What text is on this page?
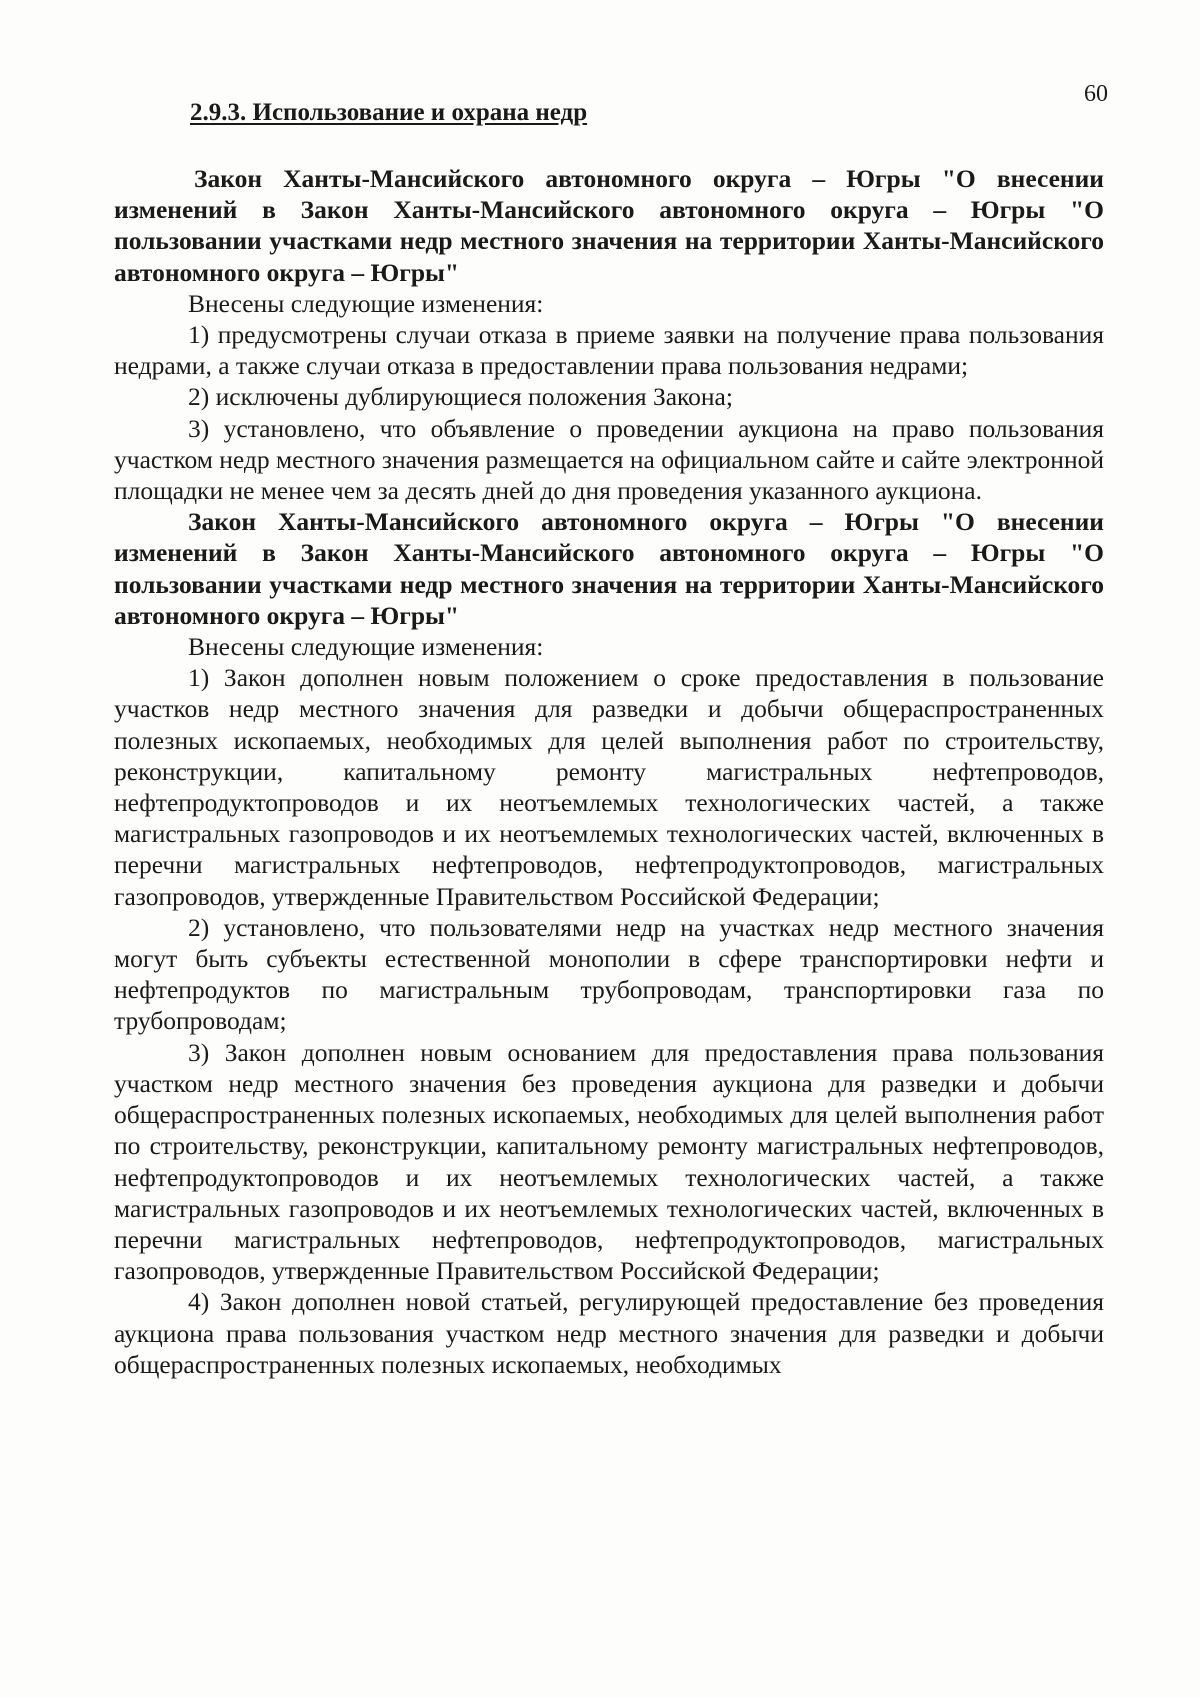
60
2.9.3. Использование и охрана недр

Закон Ханты-Мансийского автономного округа – Югры "О внесении изменений в Закон Ханты-Мансийского автономного округа – Югры "О пользовании участками недр местного значения на территории Ханты-Мансийского автономного округа – Югры"

Внесены следующие изменения:

1) предусмотрены случаи отказа в приеме заявки на получение права пользования недрами, а также случаи отказа в предоставлении права пользования недрами;

2) исключены дублирующиеся положения Закона;

3) установлено, что объявление о проведении аукциона на право пользования участком недр местного значения размещается на официальном сайте и сайте электронной площадки не менее чем за десять дней до дня проведения указанного аукциона.

Закон Ханты-Мансийского автономного округа – Югры "О внесении изменений в Закон Ханты-Мансийского автономного округа – Югры "О пользовании участками недр местного значения на территории Ханты-Мансийского автономного округа – Югры"

Внесены следующие изменения:

1) Закон дополнен новым положением о сроке предоставления в пользование участков недр местного значения для разведки и добычи общераспространенных полезных ископаемых, необходимых для целей выполнения работ по строительству, реконструкции, капитальному ремонту магистральных нефтепроводов, нефтепродуктопроводов и их неотъемлемых технологических частей, а также магистральных газопроводов и их неотъемлемых технологических частей, включенных в перечни магистральных нефтепроводов, нефтепродуктопроводов, магистральных газопроводов, утвержденные Правительством Российской Федерации;

2) установлено, что пользователями недр на участках недр местного значения могут быть субъекты естественной монополии в сфере транспортировки нефти и нефтепродуктов по магистральным трубопроводам, транспортировки газа по трубопроводам;

3) Закон дополнен новым основанием для предоставления права пользования участком недр местного значения без проведения аукциона для разведки и добычи общераспространенных полезных ископаемых, необходимых для целей выполнения работ по строительству, реконструкции, капитальному ремонту магистральных нефтепроводов, нефтепродуктопроводов и их неотъемлемых технологических частей, а также магистральных газопроводов и их неотъемлемых технологических частей, включенных в перечни магистральных нефтепроводов, нефтепродуктопроводов, магистральных газопроводов, утвержденные Правительством Российской Федерации;

4) Закон дополнен новой статьей, регулирующей предоставление без проведения аукциона права пользования участком недр местного значения для разведки и добычи общераспространенных полезных ископаемых, необходимых
